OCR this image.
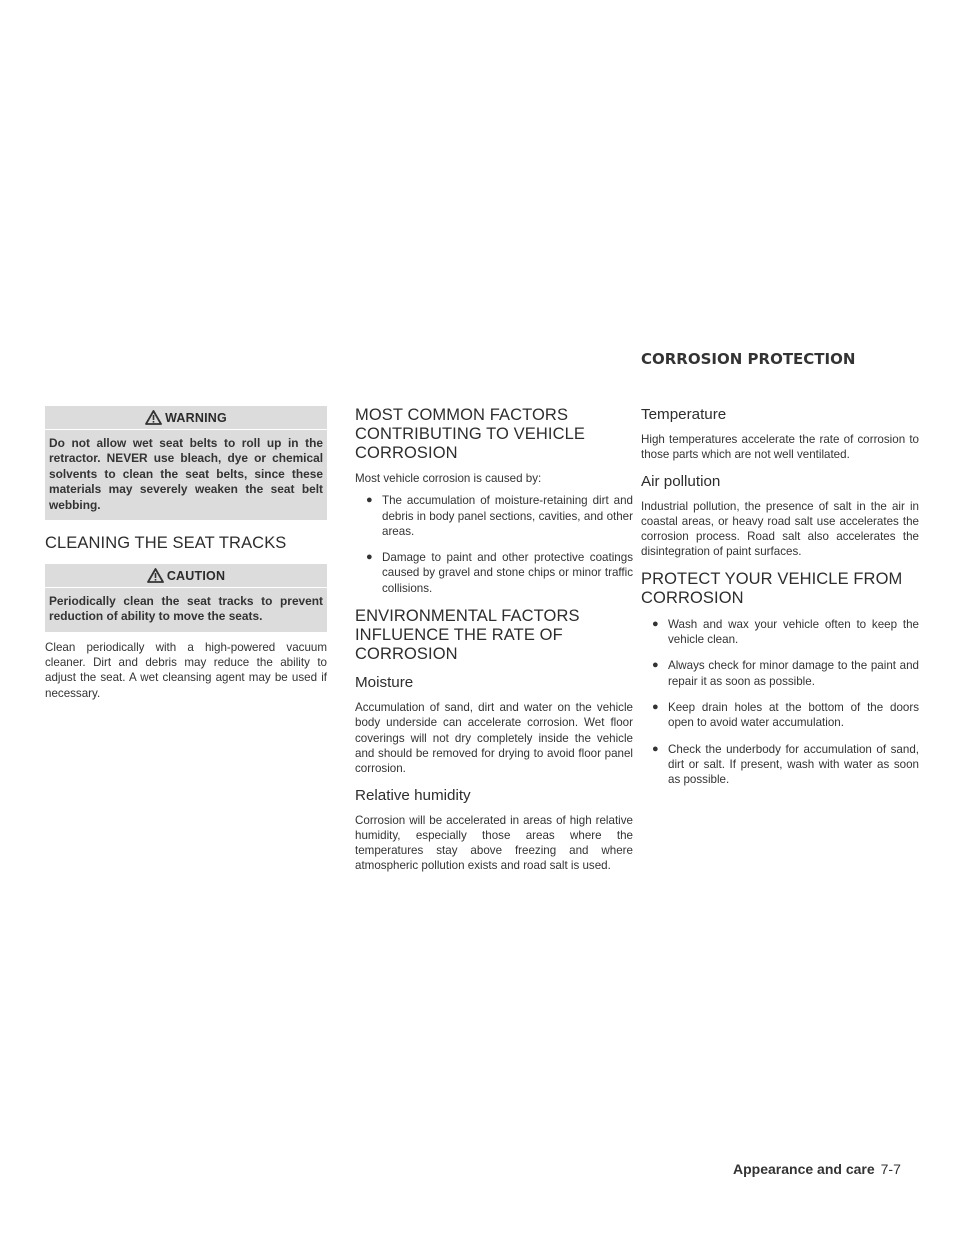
CORROSION PROTECTION
WARNING
Do not allow wet seat belts to roll up in the retractor. NEVER use bleach, dye or chemical solvents to clean the seat belts, since these materials may severely weaken the seat belt webbing.
CLEANING THE SEAT TRACKS
CAUTION
Periodically clean the seat tracks to prevent reduction of ability to move the seats.

Clean periodically with a high-powered vacuum cleaner. Dirt and debris may reduce the ability to adjust the seat. A wet cleansing agent may be used if necessary.

MOST COMMON FACTORS CONTRIBUTING TO VEHICLE CORROSION

Most vehicle corrosion is caused by:

● The accumulation of moisture-retaining dirt and debris in body panel sections, cavities, and other areas.
● Damage to paint and other protective coatings caused by gravel and stone chips or minor traffic collisions.
ENVIRONMENTAL FACTORS INFLUENCE THE RATE OF CORROSION
Moisture

Accumulation of sand, dirt and water on the vehicle body underside can accelerate corrosion. Wet floor coverings will not dry completely inside the vehicle and should be removed for drying to avoid floor panel corrosion.

Relative humidity

Corrosion will be accelerated in areas of high relative humidity, especially those areas where the temperatures stay above freezing and where atmospheric pollution exists and road salt is used.

Temperature

High temperatures accelerate the rate of corrosion to those parts which are not well ventilated.

Air pollution

Industrial pollution, the presence of salt in the air in coastal areas, or heavy road salt use accelerates the corrosion process. Road salt also accelerates the disintegration of paint surfaces.

PROTECT YOUR VEHICLE FROM CORROSION
● Wash and wax your vehicle often to keep the vehicle clean.
● Always check for minor damage to the paint and repair it as soon as possible.
● Keep drain holes at the bottom of the doors open to avoid water accumulation.
● Check the underbody for accumulation of sand, dirt or salt. If present, wash with water as soon as possible.
Appearance and care 7-7
